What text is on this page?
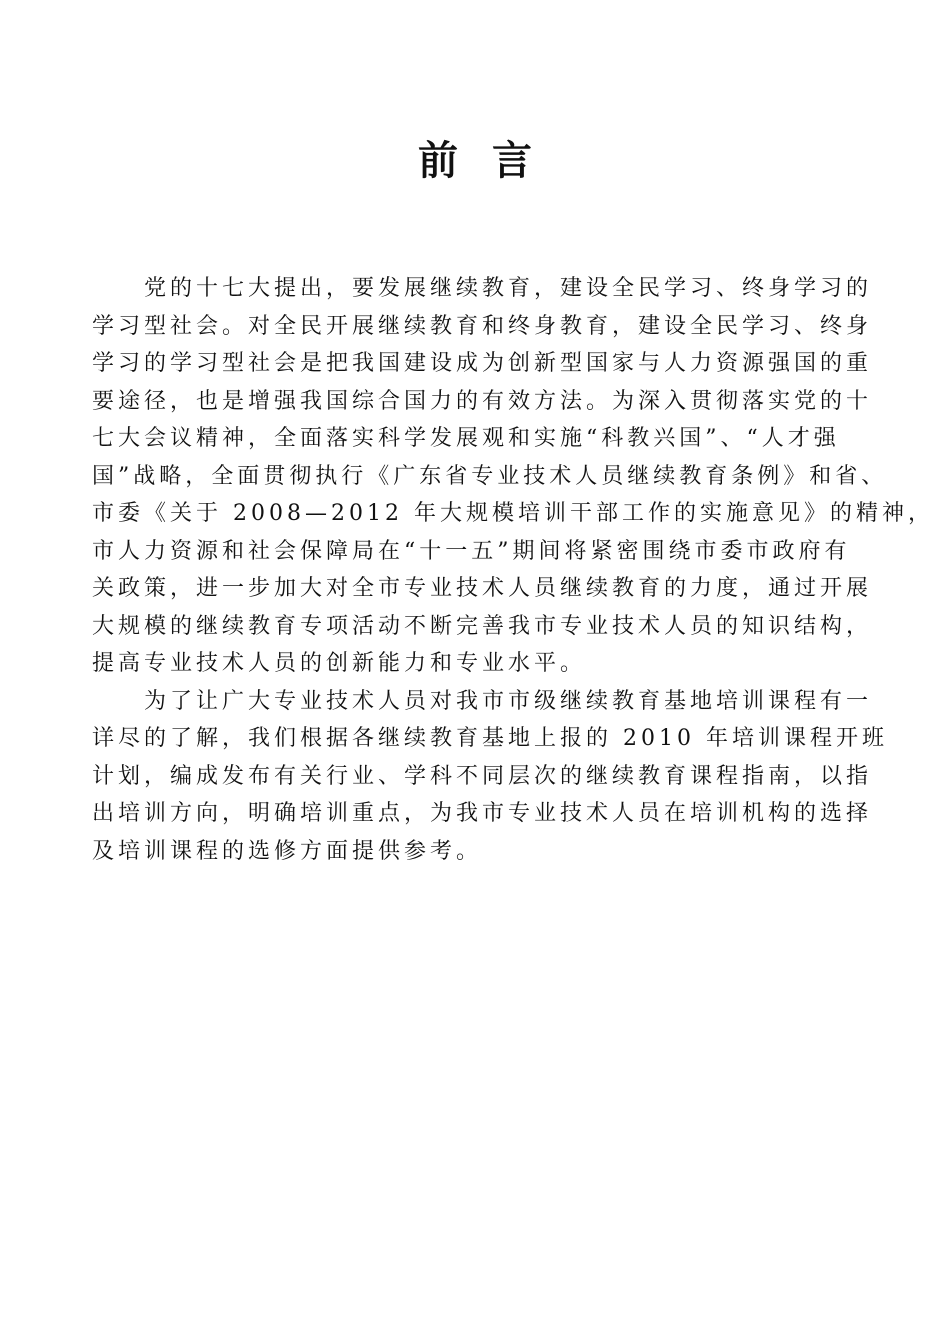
前言
　　党的十七大提出，要发展继续教育，建设全民学习、终身学习的
学习型社会。对全民开展继续教育和终身教育，建设全民学习、终身
学习的学习型社会是把我国建设成为创新型国家与人力资源强国的重
要途径，也是增强我国综合国力的有效方法。为深入贯彻落实党的十
七大会议精神，全面落实科学发展观和实施“科教兴国”、“人才强
国”战略，全面贯彻执行《广东省专业技术人员继续教育条例》和省、
市委《关于 2008—2012 年大规模培训干部工作的实施意见》的精神，
市人力资源和社会保障局在“十一五”期间将紧密围绕市委市政府有
关政策，进一步加大对全市专业技术人员继续教育的力度，通过开展
大规模的继续教育专项活动不断完善我市专业技术人员的知识结构，
提高专业技术人员的创新能力和专业水平。
　　为了让广大专业技术人员对我市市级继续教育基地培训课程有一
详尽的了解，我们根据各继续教育基地上报的 2010 年培训课程开班
计划，编成发布有关行业、学科不同层次的继续教育课程指南，以指
出培训方向，明确培训重点，为我市专业技术人员在培训机构的选择
及培训课程的选修方面提供参考。
